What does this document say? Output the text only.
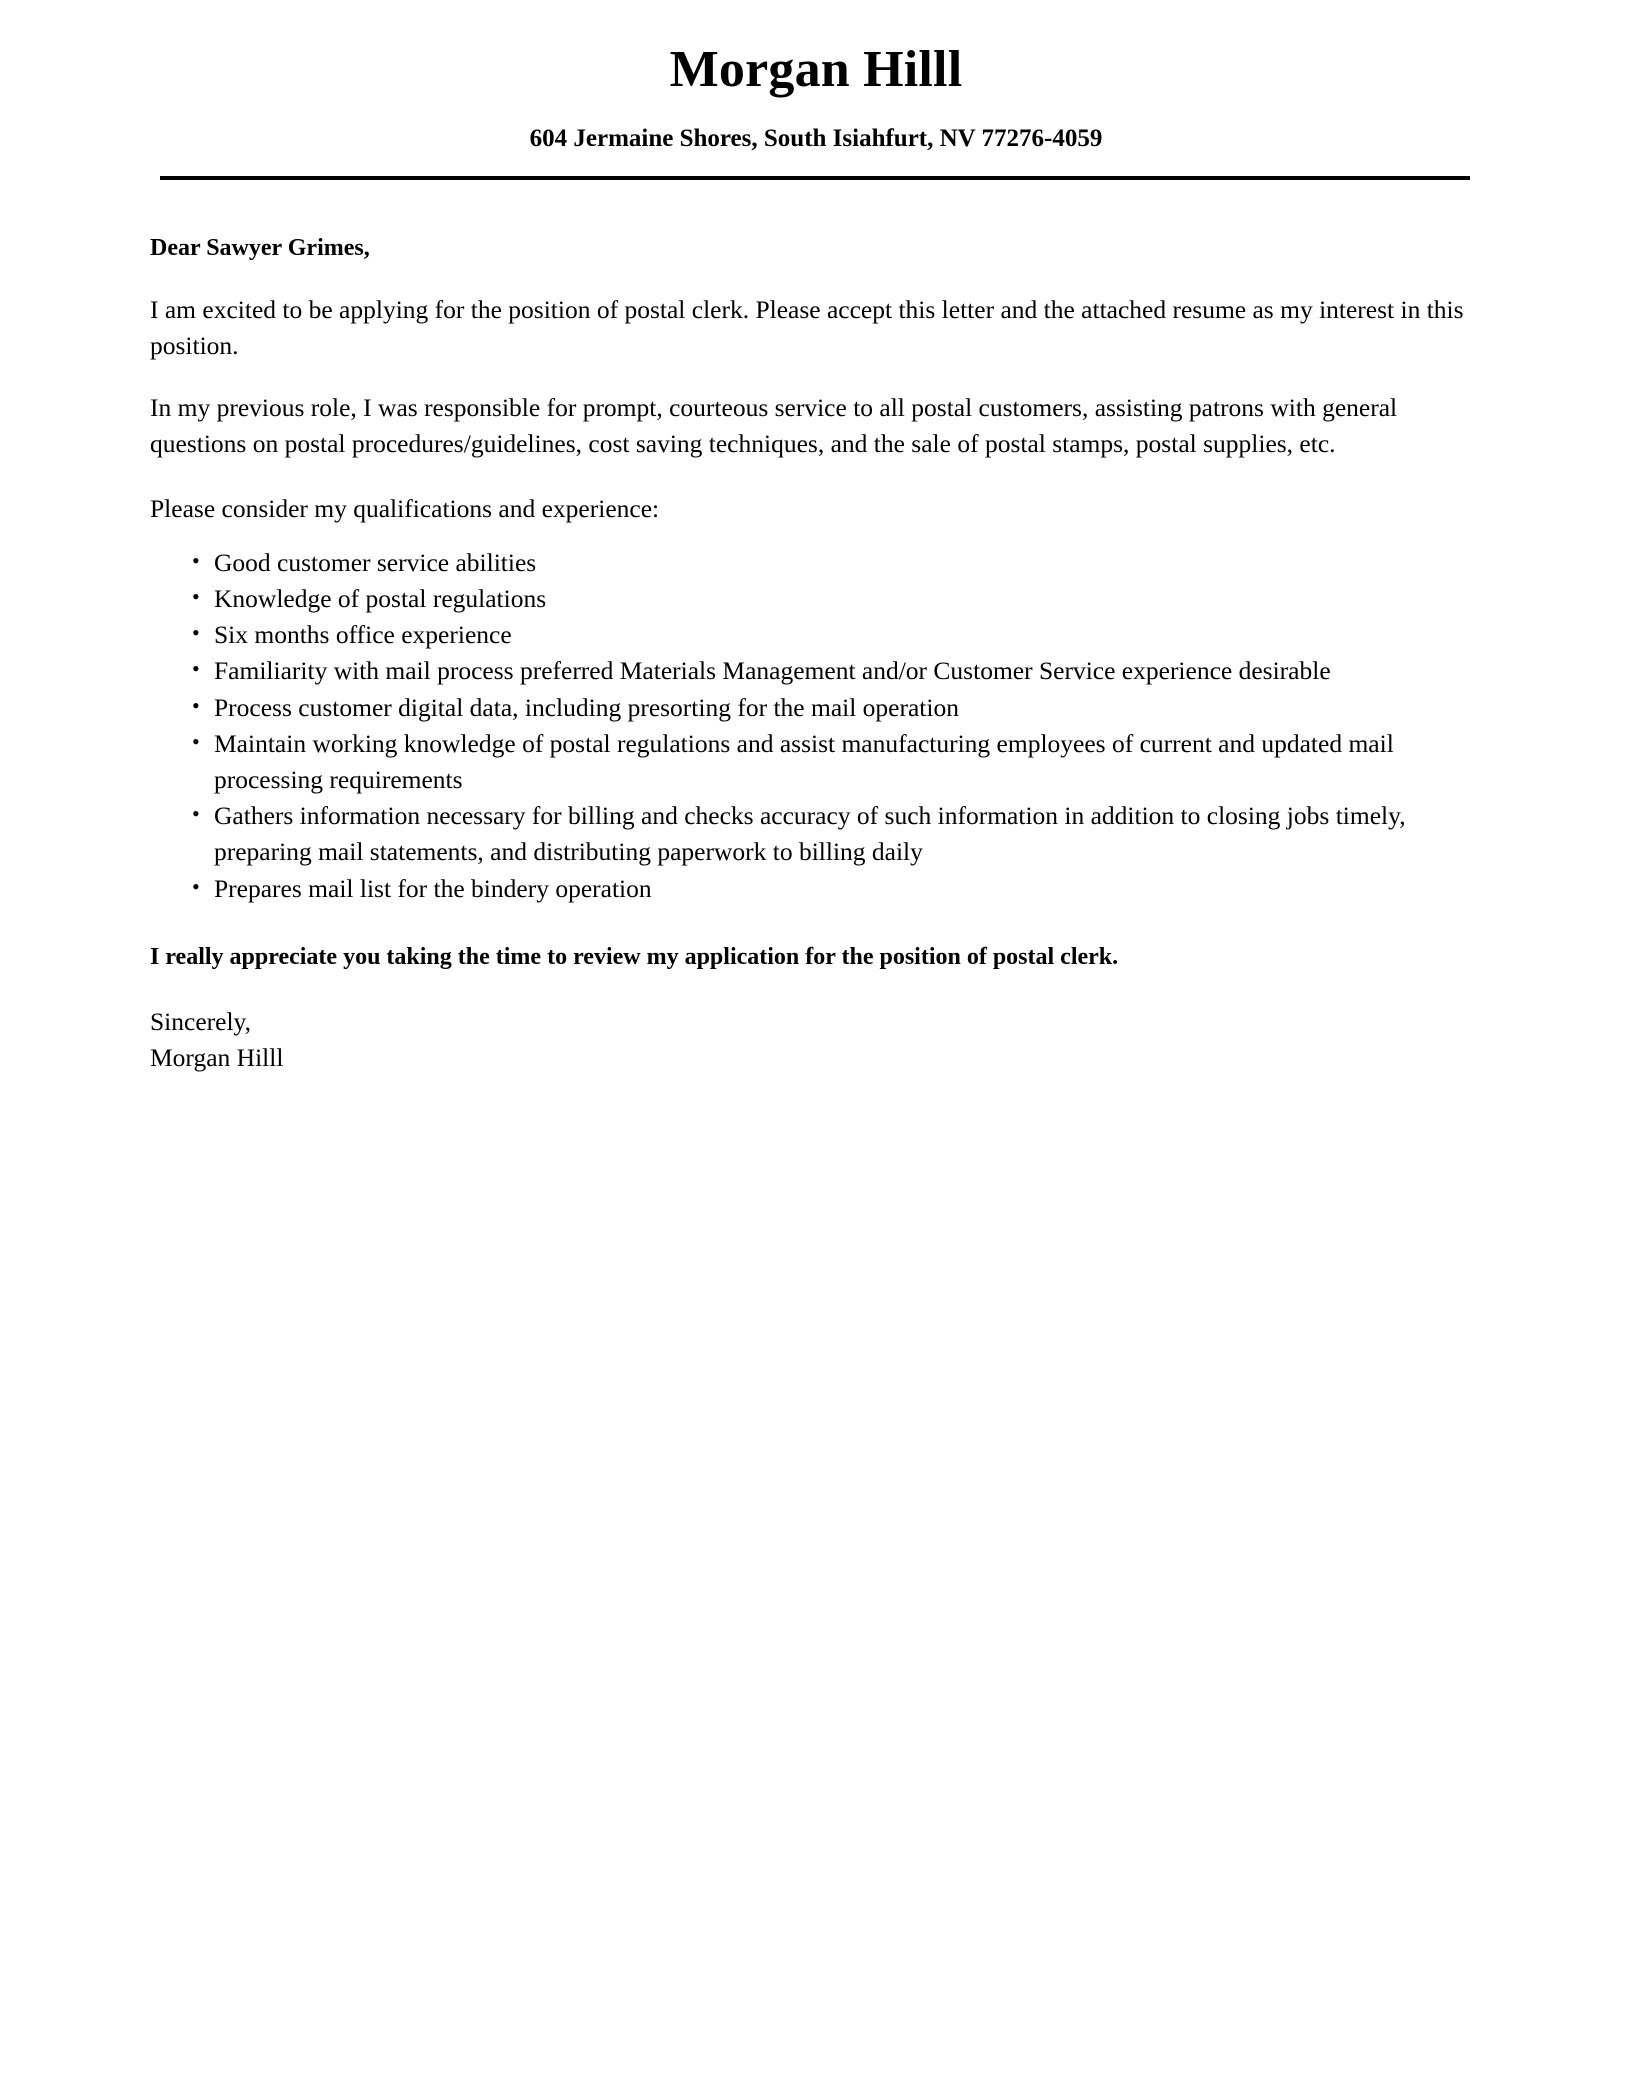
Morgan Hilll
604 Jermaine Shores, South Isiahfurt, NV 77276-4059

Dear Sawyer Grimes,

I am excited to be applying for the position of postal clerk. Please accept this letter and the attached resume as my interest in this position.

In my previous role, I was responsible for prompt, courteous service to all postal customers, assisting patrons with general questions on postal procedures/guidelines, cost saving techniques, and the sale of postal stamps, postal supplies, etc.

Please consider my qualifications and experience:

• Good customer service abilities
• Knowledge of postal regulations
• Six months office experience
• Familiarity with mail process preferred Materials Management and/or Customer Service experience desirable
• Process customer digital data, including presorting for the mail operation
• Maintain working knowledge of postal regulations and assist manufacturing employees of current and updated mail processing requirements
• Gathers information necessary for billing and checks accuracy of such information in addition to closing jobs timely, preparing mail statements, and distributing paperwork to billing daily
• Prepares mail list for the bindery operation

I really appreciate you taking the time to review my application for the position of postal clerk.

Sincerely,

Morgan Hilll
